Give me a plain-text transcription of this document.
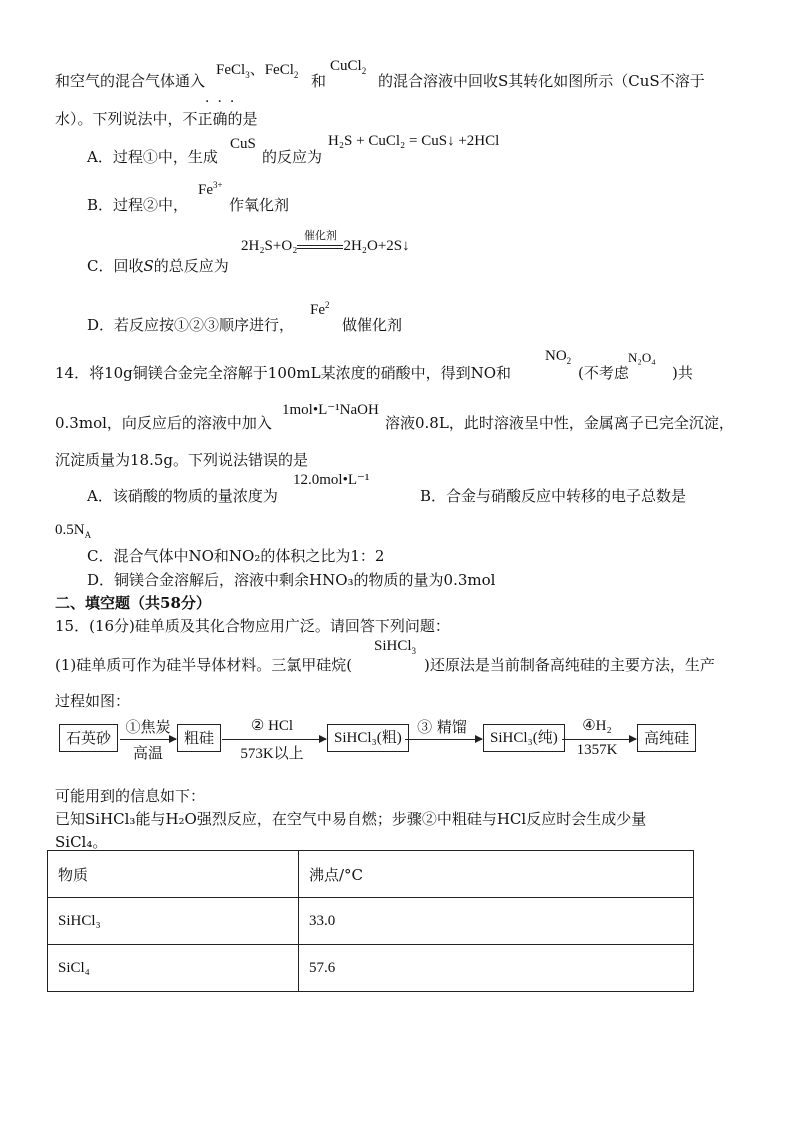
和空气的混合气体通入
FeCl$_3$、FeCl$_2$ 和
CuCl$_2$
的混合溶液中回收S其转化如图所示（CuS不溶于
···
水）。下列说法中，不正确的是
A．过程①中，生成
CuS
的反应为
H₂S + CuCl₂ = CuS↓ +2HCl
B．过程②中，
$Fe^{3+}$
作氧化剂
C．回收S的总反应为
2H₂S+O₂
催化剂
2H₂O+2S↓
D．若反应按①②③顺序进行，
Fe$^2$
做催化剂
14．将10g铜镁合金完全溶解于100mL某浓度的硝酸中，得到NO和
$NO_2$
(不考虑
N₂O₄
)共
0.3mol，向反应后的溶液中加入
1mol•L⁻¹NaOH
溶液0.8L，此时溶液呈中性，金属离子已完全沉淀，
沉淀质量为18.5g。下列说法错误的是
A．该硝酸的物质的量浓度为
12.0mol•L⁻¹
B．合金与硝酸反应中转移的电子总数是
$0.5N_A$
C．混合气体中NO和NO₂的体积之比为1：2
D．铜镁合金溶解后，溶液中剩余HNO₃的物质的量为0.3mol
二、填空题（共58分）
15．(16分)硅单质及其化合物应用广泛。请回答下列问题：
(1)硅单质可作为硅半导体材料。三氯甲硅烷(
SiHCl$_3$
)还原法是当前制备高纯硅的主要方法，生产
过程如图：
石英砂
①焦炭
高温
粗硅
② HCl
573K以上
SiHCl₃(粗)
③ 精馏
SiHCl₃(纯)
④H₂
1357K
高纯硅
可能用到的信息如下：
已知SiHCl₃能与H₂O强烈反应，在空气中易自燃；步骤②中粗硅与HCl反应时会生成少量
SiCl₄。
物质	沸点/°C
SiHCl₃	33.0
SiCl₄	57.6
